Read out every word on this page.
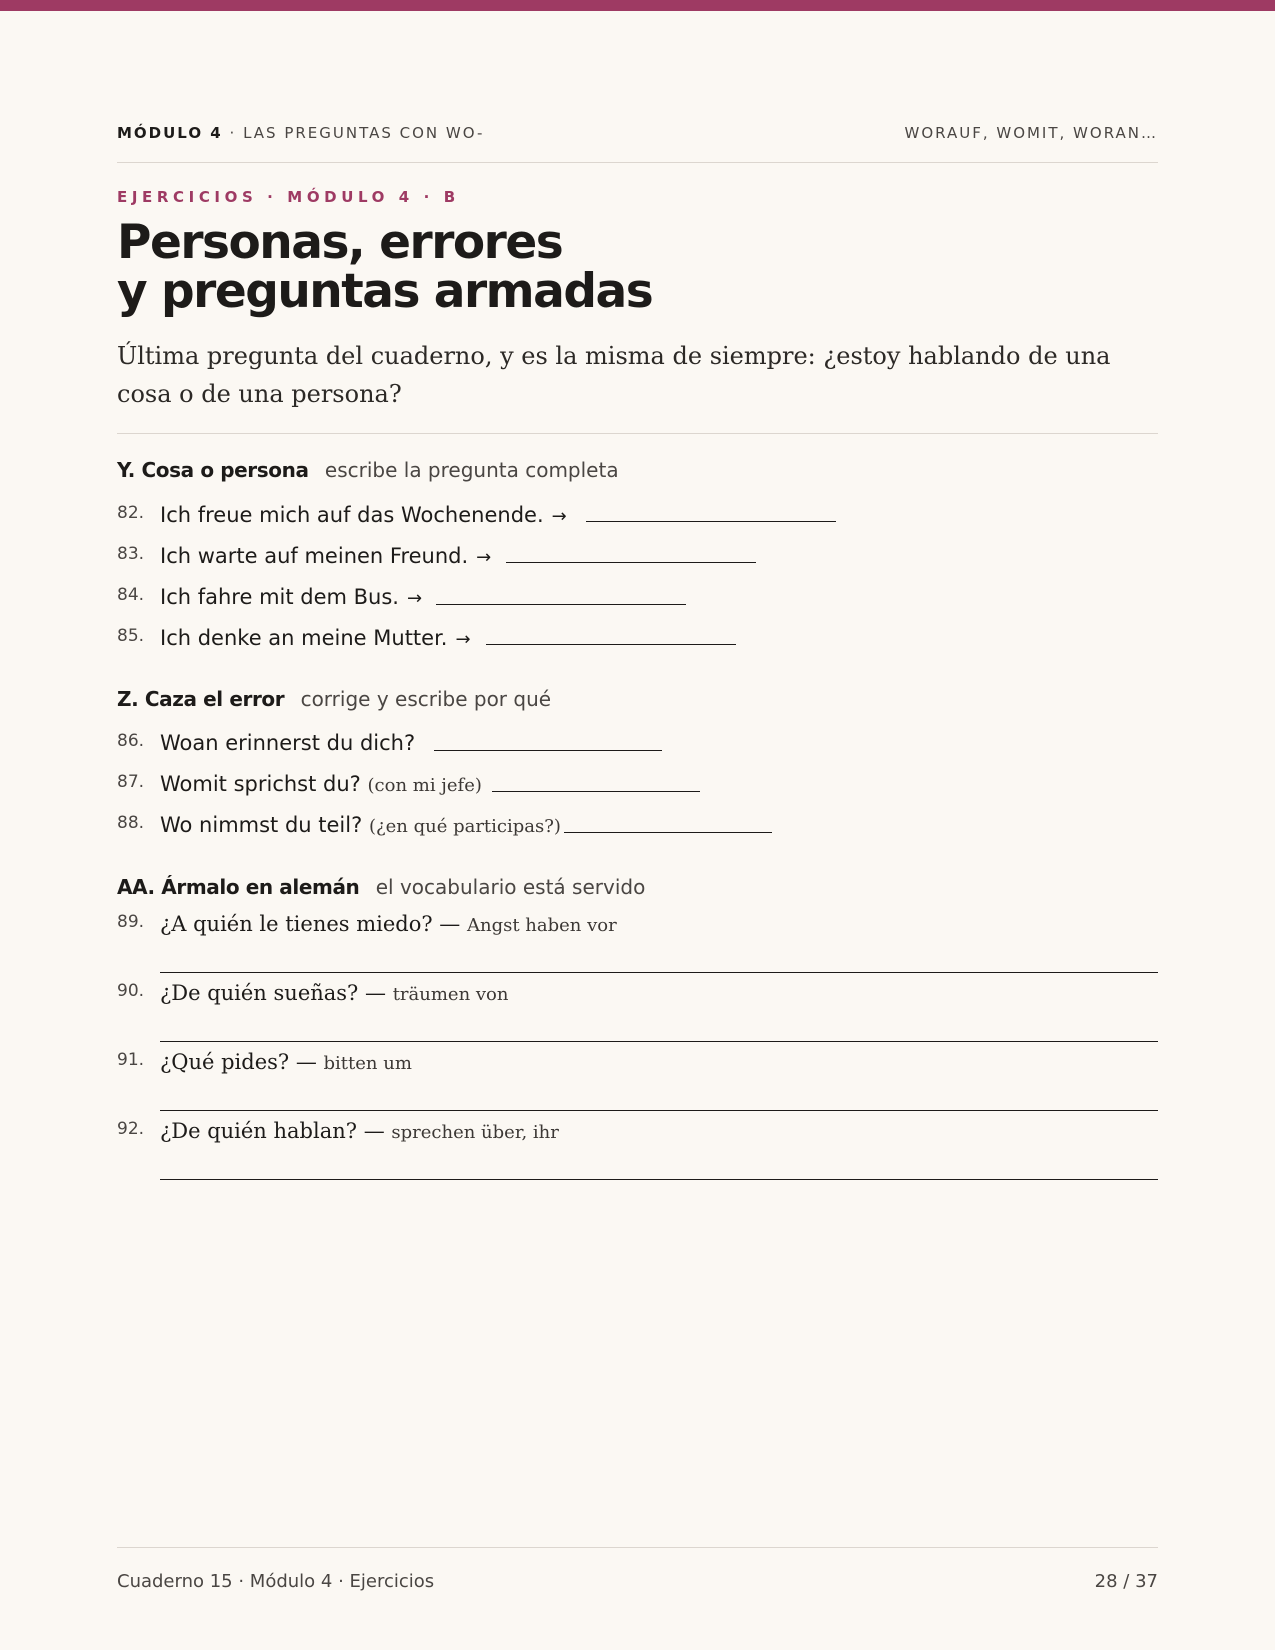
MÓDULO 4 · LAS PREGUNTAS CON WO-	WORAUF, WOMIT, WORAN…
EJERCICIOS · MÓDULO 4 · B
Personas, errores
y preguntas armadas

Última pregunta del cuaderno, y es la misma de siempre: ¿estoy hablando de una cosa o de una persona?

Y. Cosa o persona escribe la pregunta completa
82. Ich freue mich auf das Wochenende. →
83. Ich warte auf meinen Freund. →
84. Ich fahre mit dem Bus. →
85. Ich denke an meine Mutter. →
Z. Caza el error corrige y escribe por qué
86. Woan erinnerst du dich?
87. Womit sprichst du? (con mi jefe)
88. Wo nimmst du teil? (¿en qué participas?)
AA. Ármalo en alemán el vocabulario está servido
89. ¿A quién le tienes miedo? — Angst haben vor
90. ¿De quién sueñas? — träumen von
91. ¿Qué pides? — bitten um
92. ¿De quién hablan? — sprechen über, ihr
Cuaderno 15 · Módulo 4 · Ejercicios	28 / 37
